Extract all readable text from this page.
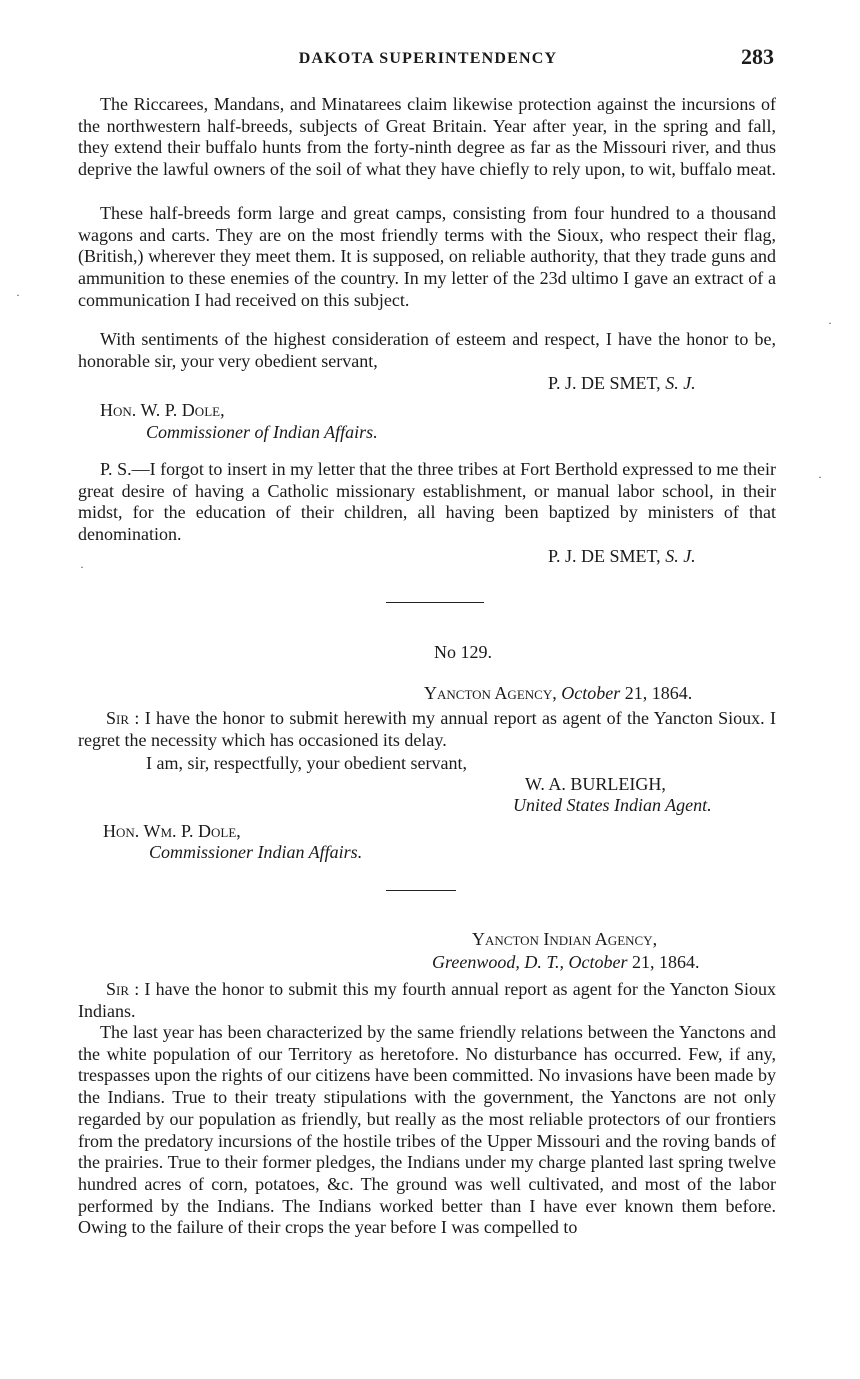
DAKOTA SUPERINTENDENCY	283

The Riccarees, Mandans, and Minatarees claim likewise protection against the incursions of the northwestern half-breeds, subjects of Great Britain. Year after year, in the spring and fall, they extend their buffalo hunts from the forty-ninth degree as far as the Missouri river, and thus deprive the lawful owners of the soil of what they have chiefly to rely upon, to wit, buffalo meat.

These half-breeds form large and great camps, consisting from four hundred to a thousand wagons and carts. They are on the most friendly terms with the Sioux, who respect their flag, (British,) wherever they meet them. It is supposed, on reliable authority, that they trade guns and ammunition to these enemies of the country. In my letter of the 23d ultimo I gave an extract of a communication I had received on this subject.

With sentiments of the highest consideration of esteem and respect, I have the honor to be, honorable sir, your very obedient servant,

P. J. DE SMET, S. J.
Hon. W. P. Dole,
Commissioner of Indian Affairs.

P. S.—I forgot to insert in my letter that the three tribes at Fort Berthold expressed to me their great desire of having a Catholic missionary establishment, or manual labor school, in their midst, for the education of their children, all having been baptized by ministers of that denomination.

P. J. DE SMET, S. J.
No 129.
Yancton Agency, October 21, 1864.

Sir : I have the honor to submit herewith my annual report as agent of the Yancton Sioux. I regret the necessity which has occasioned its delay.

I am, sir, respectfully, your obedient servant,
W. A. BURLEIGH,
United States Indian Agent.
Hon. Wm. P. Dole,
Commissioner Indian Affairs.
Yancton Indian Agency,
Greenwood, D. T., October 21, 1864.

Sir : I have the honor to submit this my fourth annual report as agent for the Yancton Sioux Indians.

The last year has been characterized by the same friendly relations between the Yanctons and the white population of our Territory as heretofore. No disturbance has occurred. Few, if any, trespasses upon the rights of our citizens have been committed. No invasions have been made by the Indians. True to their treaty stipulations with the government, the Yanctons are not only regarded by our population as friendly, but really as the most reliable protectors of our frontiers from the predatory incursions of the hostile tribes of the Upper Missouri and the roving bands of the prairies. True to their former pledges, the Indians under my charge planted last spring twelve hundred acres of corn, potatoes, &c. The ground was well cultivated, and most of the labor performed by the Indians. The Indians worked better than I have ever known them before. Owing to the failure of their crops the year before I was compelled to

·
·
·
·
